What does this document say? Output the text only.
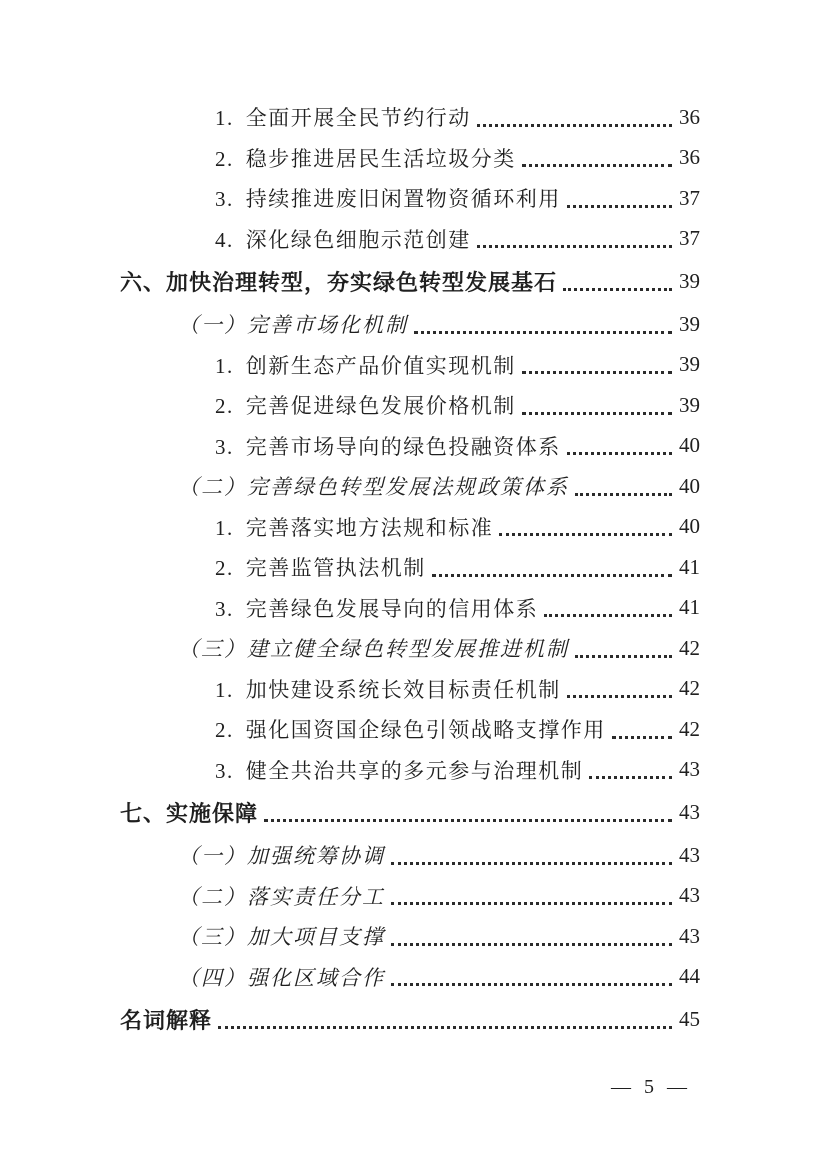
1. 全面开展全民节约行动	36
2. 稳步推进居民生活垃圾分类	36
3. 持续推进废旧闲置物资循环利用	37
4. 深化绿色细胞示范创建	37
六、加快治理转型，夯实绿色转型发展基石	39
（一）完善市场化机制	39
1. 创新生态产品价值实现机制	39
2. 完善促进绿色发展价格机制	39
3. 完善市场导向的绿色投融资体系	40
（二）完善绿色转型发展法规政策体系	40
1. 完善落实地方法规和标准	40
2. 完善监管执法机制	41
3. 完善绿色发展导向的信用体系	41
（三）建立健全绿色转型发展推进机制	42
1. 加快建设系统长效目标责任机制	42
2. 强化国资国企绿色引领战略支撑作用	42
3. 健全共治共享的多元参与治理机制	43
七、实施保障	43
（一）加强统筹协调	43
（二）落实责任分工	43
（三）加大项目支撑	43
（四）强化区域合作	44
名词解释	45
— 5 —
